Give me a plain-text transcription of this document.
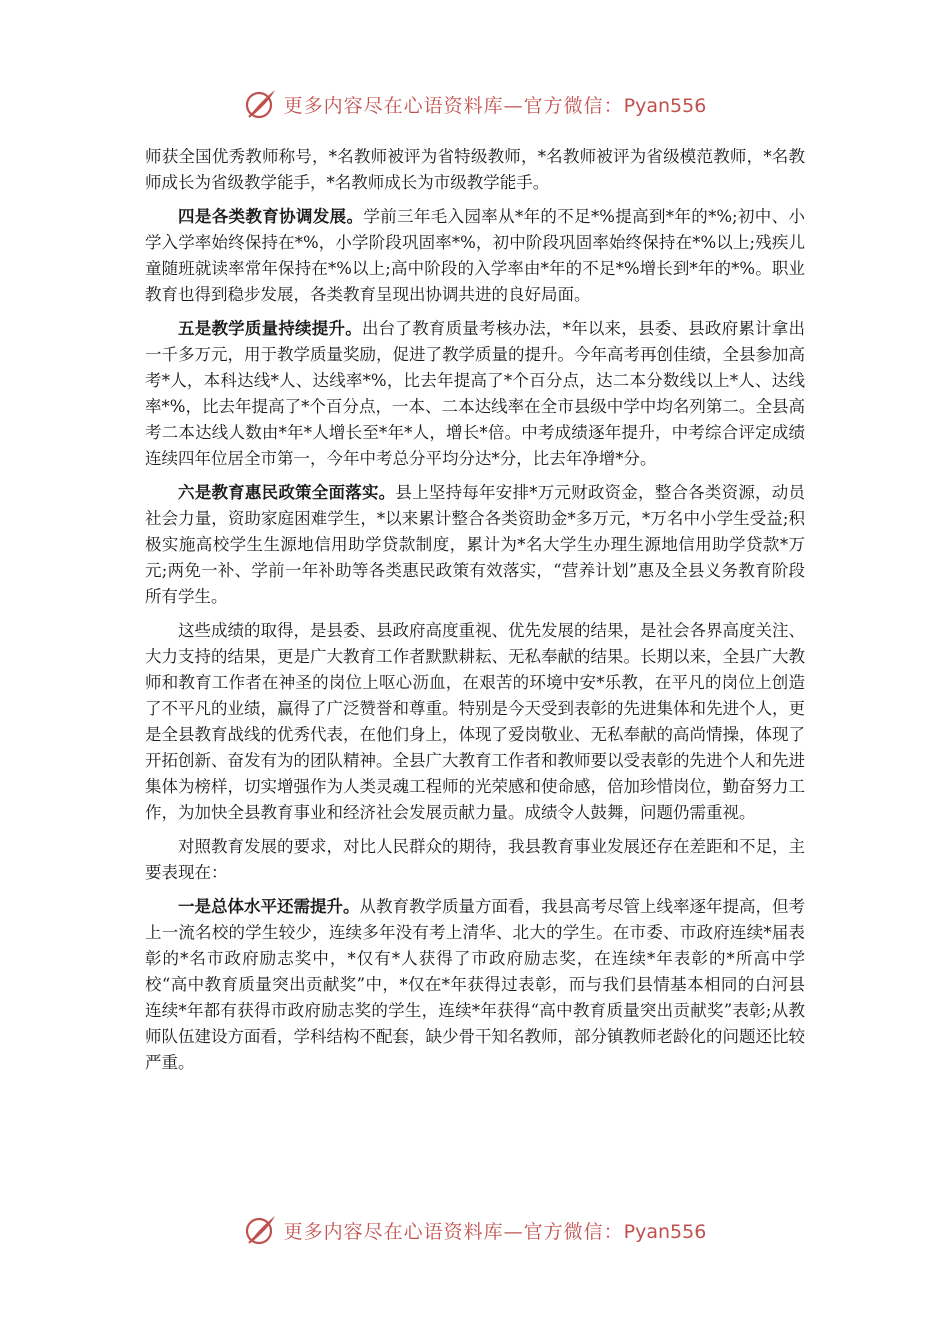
更多内容尽在心语资料库—官方微信：Pyan556

师获全国优秀教师称号，*名教师被评为省特级教师，*名教师被评为省级模范教师，*名教师成长为省级教学能手，*名教师成长为市级教学能手。

四是各类教育协调发展。学前三年毛入园率从*年的不足*%提高到*年的*%;初中、小学入学率始终保持在*%，小学阶段巩固率*%，初中阶段巩固率始终保持在*%以上;残疾儿童随班就读率常年保持在*%以上;高中阶段的入学率由*年的不足*%增长到*年的*%。职业教育也得到稳步发展，各类教育呈现出协调共进的良好局面。

五是教学质量持续提升。出台了教育质量考核办法，*年以来，县委、县政府累计拿出一千多万元，用于教学质量奖励，促进了教学质量的提升。今年高考再创佳绩，全县参加高考*人，本科达线*人、达线率*%，比去年提高了*个百分点，达二本分数线以上*人、达线率*%，比去年提高了*个百分点，一本、二本达线率在全市县级中学中均名列第二。全县高考二本达线人数由*年*人增长至*年*人，增长*倍。中考成绩逐年提升，中考综合评定成绩连续四年位居全市第一，今年中考总分平均分达*分，比去年净增*分。

六是教育惠民政策全面落实。县上坚持每年安排*万元财政资金，整合各类资源，动员社会力量，资助家庭困难学生，*以来累计整合各类资助金*多万元，*万名中小学生受益;积极实施高校学生生源地信用助学贷款制度，累计为*名大学生办理生源地信用助学贷款*万元;两免一补、学前一年补助等各类惠民政策有效落实，“营养计划”惠及全县义务教育阶段所有学生。

这些成绩的取得，是县委、县政府高度重视、优先发展的结果，是社会各界高度关注、大力支持的结果，更是广大教育工作者默默耕耘、无私奉献的结果。长期以来，全县广大教师和教育工作者在神圣的岗位上呕心沥血，在艰苦的环境中安*乐教，在平凡的岗位上创造了不平凡的业绩，赢得了广泛赞誉和尊重。特别是今天受到表彰的先进集体和先进个人，更是全县教育战线的优秀代表，在他们身上，体现了爱岗敬业、无私奉献的高尚情操，体现了开拓创新、奋发有为的团队精神。全县广大教育工作者和教师要以受表彰的先进个人和先进集体为榜样，切实增强作为人类灵魂工程师的光荣感和使命感，倍加珍惜岗位，勤奋努力工作，为加快全县教育事业和经济社会发展贡献力量。成绩令人鼓舞，问题仍需重视。

对照教育发展的要求，对比人民群众的期待，我县教育事业发展还存在差距和不足，主要表现在：

一是总体水平还需提升。从教育教学质量方面看，我县高考尽管上线率逐年提高，但考上一流名校的学生较少，连续多年没有考上清华、北大的学生。在市委、市政府连续*届表彰的*名市政府励志奖中，*仅有*人获得了市政府励志奖，在连续*年表彰的*所高中学校“高中教育质量突出贡献奖”中，*仅在*年获得过表彰，而与我们县情基本相同的白河县连续*年都有获得市政府励志奖的学生，连续*年获得“高中教育质量突出贡献奖”表彰;从教师队伍建设方面看，学科结构不配套，缺少骨干知名教师，部分镇教师老龄化的问题还比较严重。

更多内容尽在心语资料库—官方微信：Pyan556
